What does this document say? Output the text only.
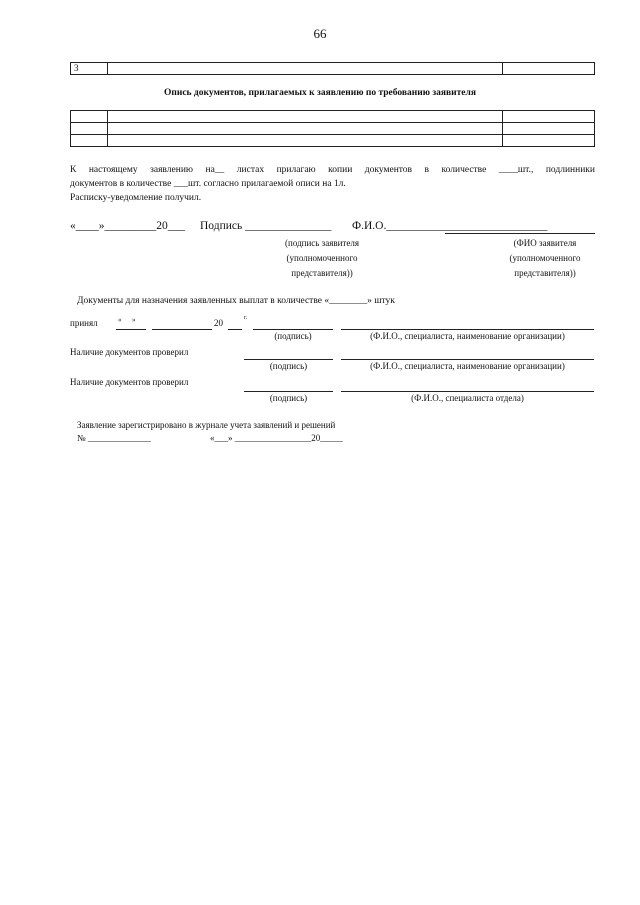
66
3		
Опись документов, прилагаемых к заявлению по требованию заявителя

К настоящему заявлению на__ листах прилагаю копии документов в количестве ____шт., подлинники
документов в количестве ___шт. согласно прилагаемой описи на 1л.
Расписку-уведомление получил.
«____»_________20___ Подпись _______________ Ф.И.О.____________________________
(подпись заявителя
(уполномоченного
представителя))
(ФИО заявителя
(уполномоченного
представителя))
Документы для назначения заявленных выплат в количестве «________» штук
принял	« »	20	г.
(подпись)	(Ф.И.О., специалиста, наименование организации)
Наличие документов проверил
(подпись)	(Ф.И.О., специалиста, наименование организации)
Наличие документов проверил
(подпись)	(Ф.И.О., специалиста отдела)
Заявление зарегистрировано в журнале учета заявлений и решений
№ ______________	«___» _________________20_____
